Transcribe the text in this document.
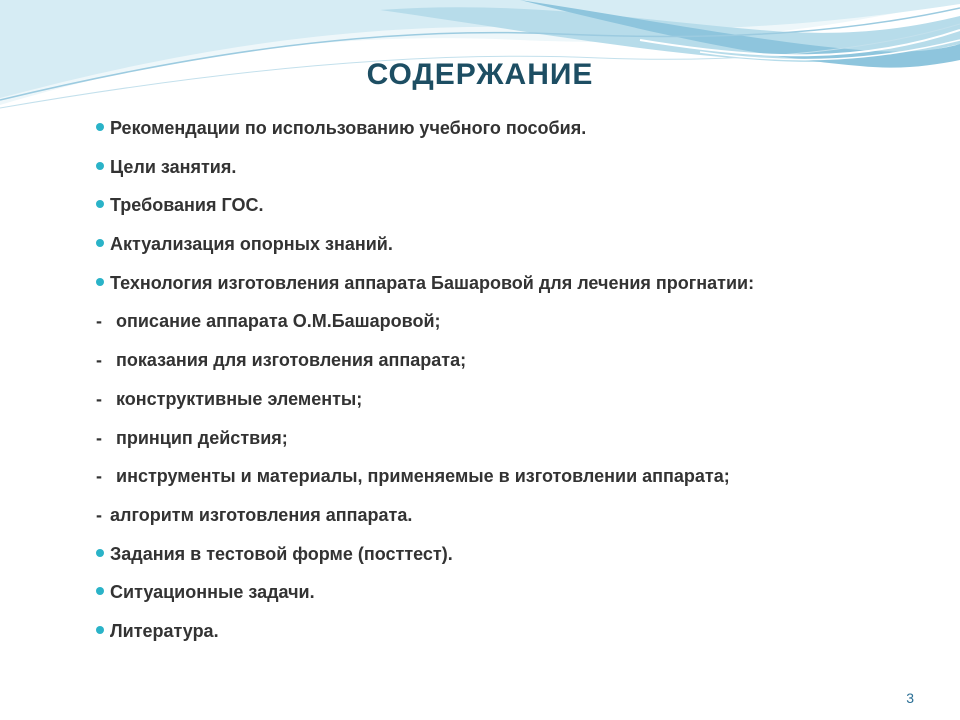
СОДЕРЖАНИЕ
Рекомендации по использованию учебного пособия.
Цели занятия.
Требования ГОС.
Актуализация опорных знаний.
Технология изготовления аппарата Башаровой для лечения прогнатии:
- описание аппарата О.М.Башаровой;
- показания для изготовления аппарата;
- конструктивные элементы;
- принцип действия;
- инструменты и материалы, применяемые в изготовлении аппарата;
- алгоритм изготовления аппарата.
Задания в тестовой форме (посттест).
Ситуационные задачи.
Литература.
3
